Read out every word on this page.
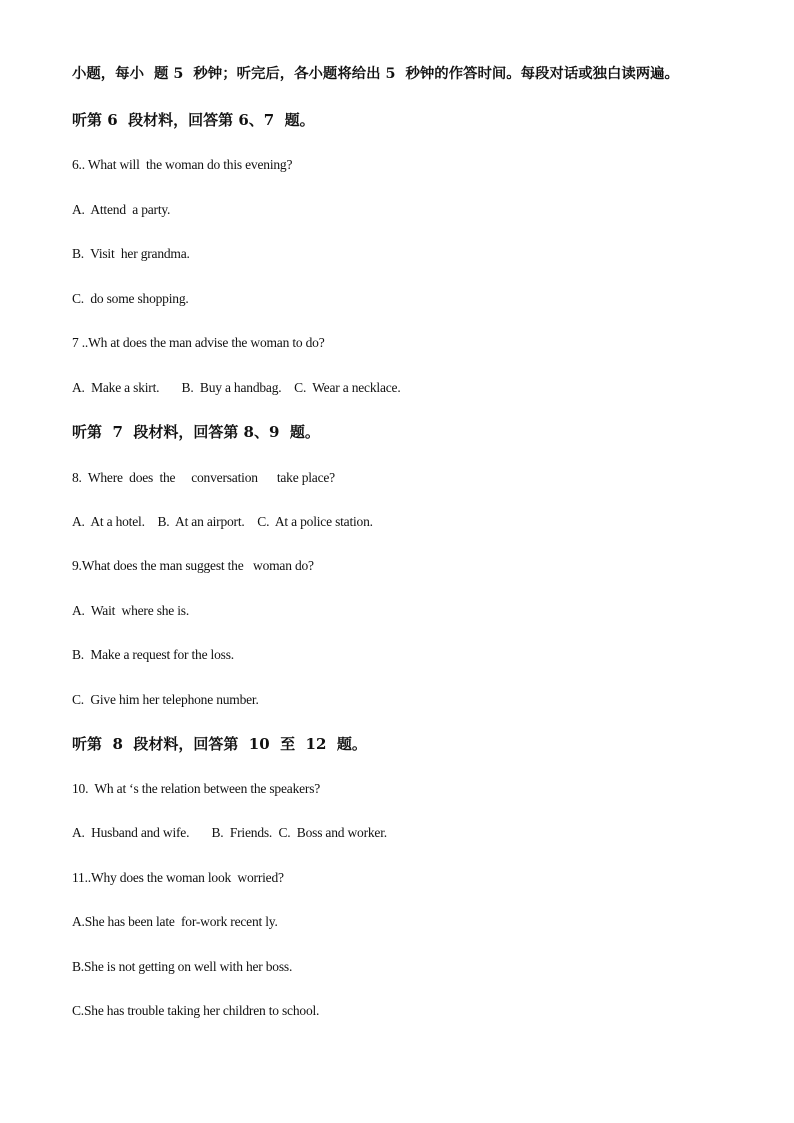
小题，每小  题 5  秒钟；听完后，各小题将给出 5  秒钟的作答时间。每段对话或独白读两遍。
听第 6  段材料，回答第 6、7  题。
6.. What will  the woman do this evening?
A.  Attend  a party.
B.  Visit  her grandma.
C.  do some shopping.
7 ..Wh at does the man advise the woman to do?
A.  Make a skirt.       B.  Buy a handbag.    C.  Wear a necklace.
听第  7  段材料，回答第 8、9  题。
8.  Where  does  the     conversation      take place?
A.  At a hotel.    B.  At an airport.    C.  At a police station.
9.What does the man suggest the   woman do?
A.  Wait  where she is.
B.  Make a request for the loss.
C.  Give him her telephone number.
听第  8  段材料，回答第  10  至  12  题。
10.  Wh at ‘s the relation between the speakers?
A.  Husband and wife.       B.  Friends.  C.  Boss and worker.
11..Why does the woman look  worried?
A.She has been late  for-work recent ly.
B.She is not getting on well with her boss.
C.She has trouble taking her children to school.
